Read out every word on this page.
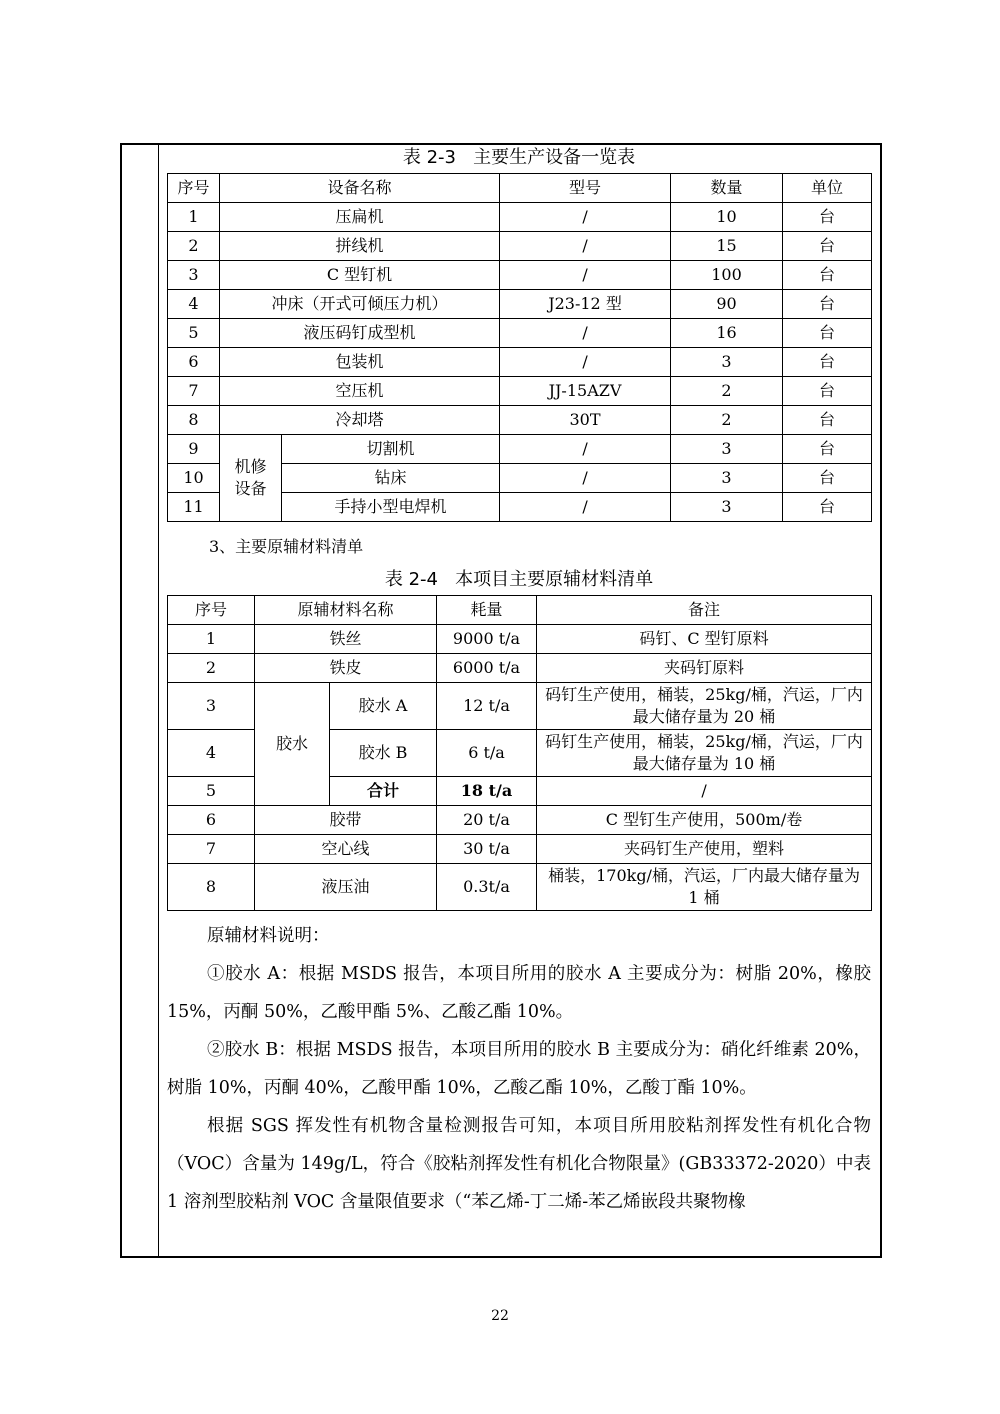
表 2-3   主要生产设备一览表
序号	设备名称		型号	数量	单位
1	压扁机		/	10	台
2	拼线机		/	15	台
3	C 型钉机		/	100	台
4	冲床（开式可倾压力机）		J23-12 型	90	台
5	液压码钉成型机		/	16	台
6	包装机		/	3	台
7	空压机		JJ-15AZV	2	台
8	冷却塔		30T	2	台
9	机修设备	切割机	/	3	台
10		钻床	/	3	台
11		手持小型电焊机	/	3	台
3、主要原辅材料清单
表 2-4   本项目主要原辅材料清单
序号	原辅材料名称		耗量	备注
1	铁丝		9000 t/a	码钉、C 型钉原料
2	铁皮		6000 t/a	夹码钉原料
3	胶水	胶水 A	12 t/a	码钉生产使用，桶装，25kg/桶，汽运，厂内最大储存量为 20 桶
4		胶水 B	6 t/a	码钉生产使用，桶装，25kg/桶，汽运，厂内最大储存量为 10 桶
5		合计	18 t/a	/
6	胶带		20 t/a	C 型钉生产使用，500m/卷
7	空心线		30 t/a	夹码钉生产使用，塑料
8	液压油		0.3t/a	桶装，170kg/桶，汽运，厂内最大储存量为 1 桶

原辅材料说明：

①胶水 A：根据 MSDS 报告，本项目所用的胶水 A 主要成分为：树脂 20%，橡胶 15%，丙酮 50%，乙酸甲酯 5%、乙酸乙酯 10%。

②胶水 B：根据 MSDS 报告，本项目所用的胶水 B 主要成分为：硝化纤维素 20%，树脂 10%，丙酮 40%，乙酸甲酯 10%，乙酸乙酯 10%，乙酸丁酯 10%。

根据 SGS 挥发性有机物含量检测报告可知，本项目所用胶粘剂挥发性有机化合物（VOC）含量为 149g/L，符合《胶粘剂挥发性有机化合物限量》(GB33372-2020）中表 1 溶剂型胶粘剂 VOC 含量限值要求（“苯乙烯-丁二烯-苯乙烯嵌段共聚物橡

22
